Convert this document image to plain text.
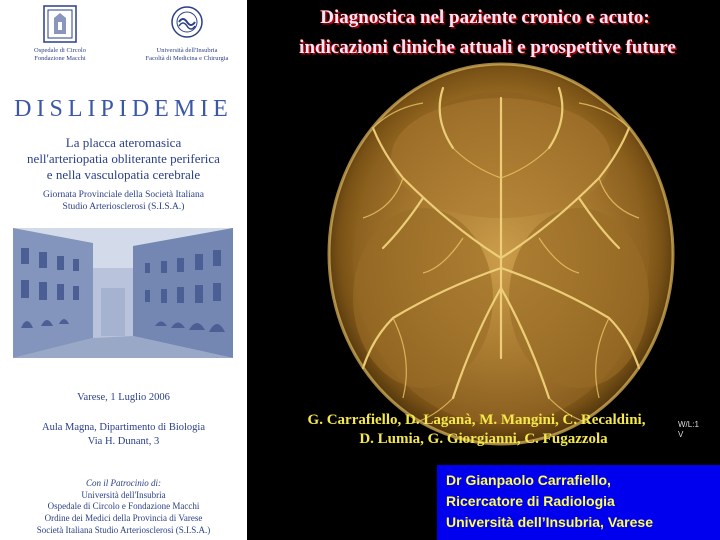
Ospedale di Circolo
Fondazione Macchi
Università dell'Insubria
Facoltà di Medicina e Chirurgia
DISLIPIDEMIE
La placca ateromasica
nell'arteriopatia obliterante periferica
e nella vasculopatia cerebrale
Giornata Provinciale della Società Italiana
Studio Arteriosclerosi (S.I.S.A.)
Varese, 1 Luglio 2006
Aula Magna, Dipartimento di Biologia
Via H. Dunant, 3
Con il Patrocinio di:
Università dell'Insubria
Ospedale di Circolo e Fondazione Macchi
Ordine dei Medici della Provincia di Varese
Società Italiana Studio Arteriosclerosi (S.I.S.A.)
Diagnostica nel paziente cronico e acuto:
indicazioni cliniche attuali e prospettive future
W/L:1
V
G. Carrafiello, D. Laganà, M. Mangini, C. Recaldini,
D. Lumia, G. Giorgianni, C. Fugazzola
Dr Gianpaolo Carrafiello,
Ricercatore di Radiologia
Università dell’Insubria, Varese
